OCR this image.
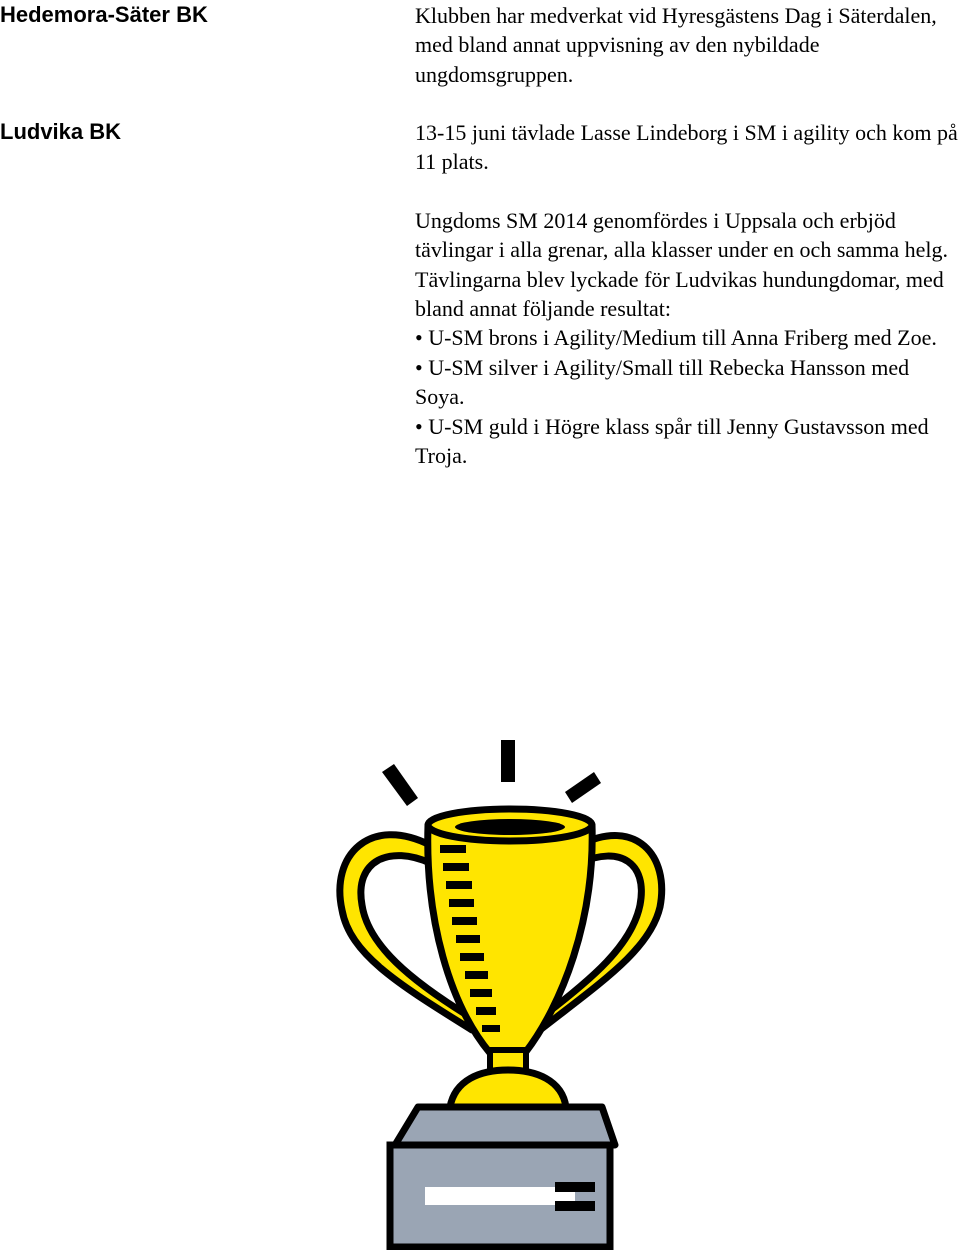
Hedemora-Säter BK	Klubben har medverkat vid Hyresgästens Dag i Säterdalen, med bland annat uppvisning av den nybildade ungdomsgruppen.

Ludvika BK	13-15 juni tävlade Lasse Lindeborg i SM i agility och kom på 11 plats.

Ungdoms SM 2014 genomfördes i Uppsala och erbjöd tävlingar i alla grenar, alla klasser under en och samma helg. Tävlingarna blev lyckade för Ludvikas hundungdomar, med bland annat följande resultat:

• U-SM brons i Agility/Medium till Anna Friberg med Zoe.

• U-SM silver i Agility/Small till Rebecka Hansson med Soya.

• U-SM guld i Högre klass spår till Jenny Gustavsson med Troja.
